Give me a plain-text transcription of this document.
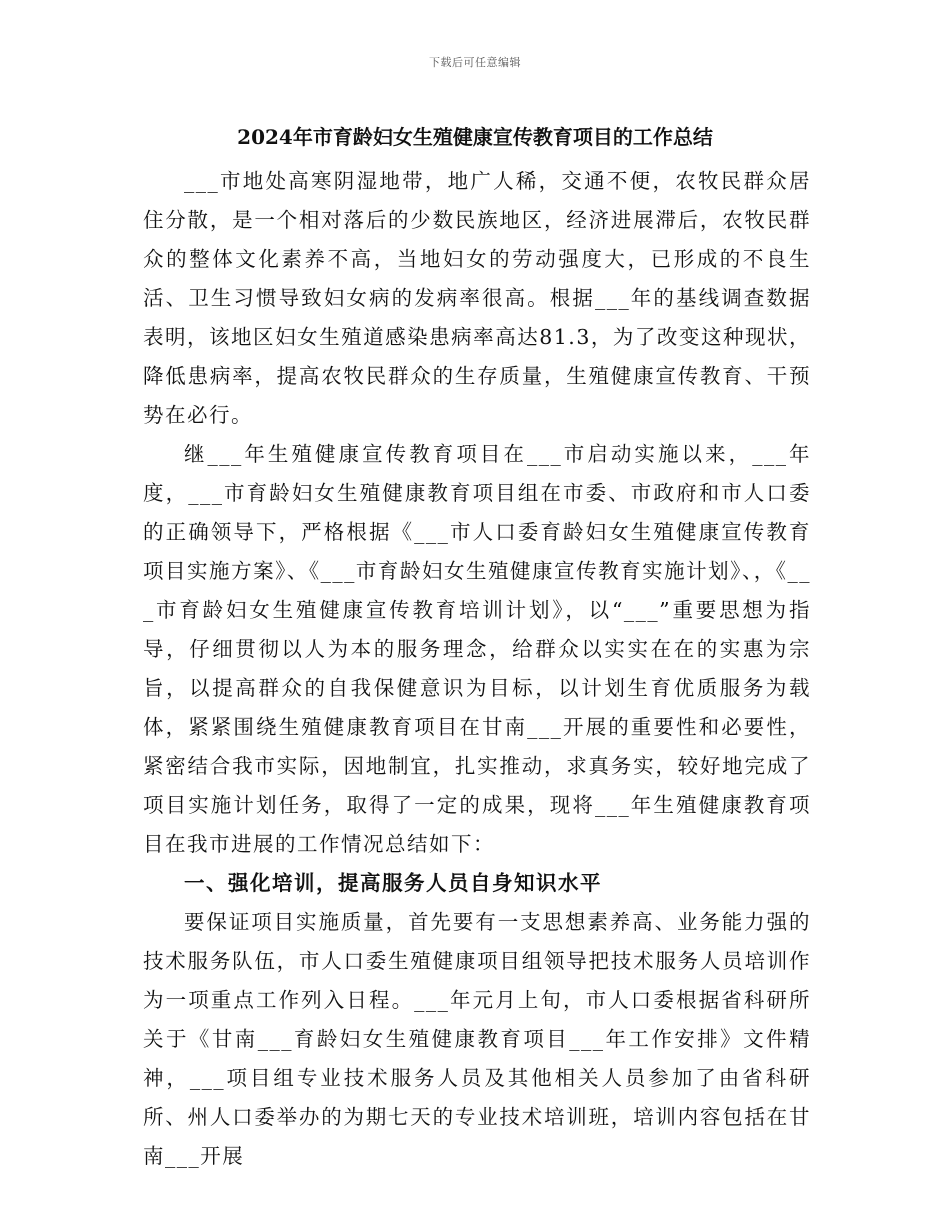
下载后可任意编辑
2024年市育龄妇女生殖健康宣传教育项目的工作总结

___市地处高寒阴湿地带，地广人稀，交通不便，农牧民群众居住分散，是一个相对落后的少数民族地区，经济进展滞后，农牧民群众的整体文化素养不高，当地妇女的劳动强度大，已形成的不良生活、卫生习惯导致妇女病的发病率很高。根据___年的基线调查数据表明，该地区妇女生殖道感染患病率高达81.3，为了改变这种现状，降低患病率，提高农牧民群众的生存质量，生殖健康宣传教育、干预势在必行。

继___年生殖健康宣传教育项目在___市启动实施以来，___年度，___市育龄妇女生殖健康教育项目组在市委、市政府和市人口委的正确领导下，严格根据《___市人口委育龄妇女生殖健康宣传教育项目实施方案》、《___市育龄妇女生殖健康宣传教育实施计划》、，《___市育龄妇女生殖健康宣传教育培训计划》，以“___”重要思想为指导，仔细贯彻以人为本的服务理念，给群众以实实在在的实惠为宗旨，以提高群众的自我保健意识为目标，以计划生育优质服务为载体，紧紧围绕生殖健康教育项目在甘南___开展的重要性和必要性，紧密结合我市实际，因地制宜，扎实推动，求真务实，较好地完成了项目实施计划任务，取得了一定的成果，现将___年生殖健康教育项目在我市进展的工作情况总结如下：

一、强化培训，提高服务人员自身知识水平

要保证项目实施质量，首先要有一支思想素养高、业务能力强的技术服务队伍，市人口委生殖健康项目组领导把技术服务人员培训作为一项重点工作列入日程。___年元月上旬，市人口委根据省科研所关于《甘南___育龄妇女生殖健康教育项目___年工作安排》文件精神，___项目组专业技术服务人员及其他相关人员参加了由省科研所、州人口委举办的为期七天的专业技术培训班，培训内容包括在甘南___开展
